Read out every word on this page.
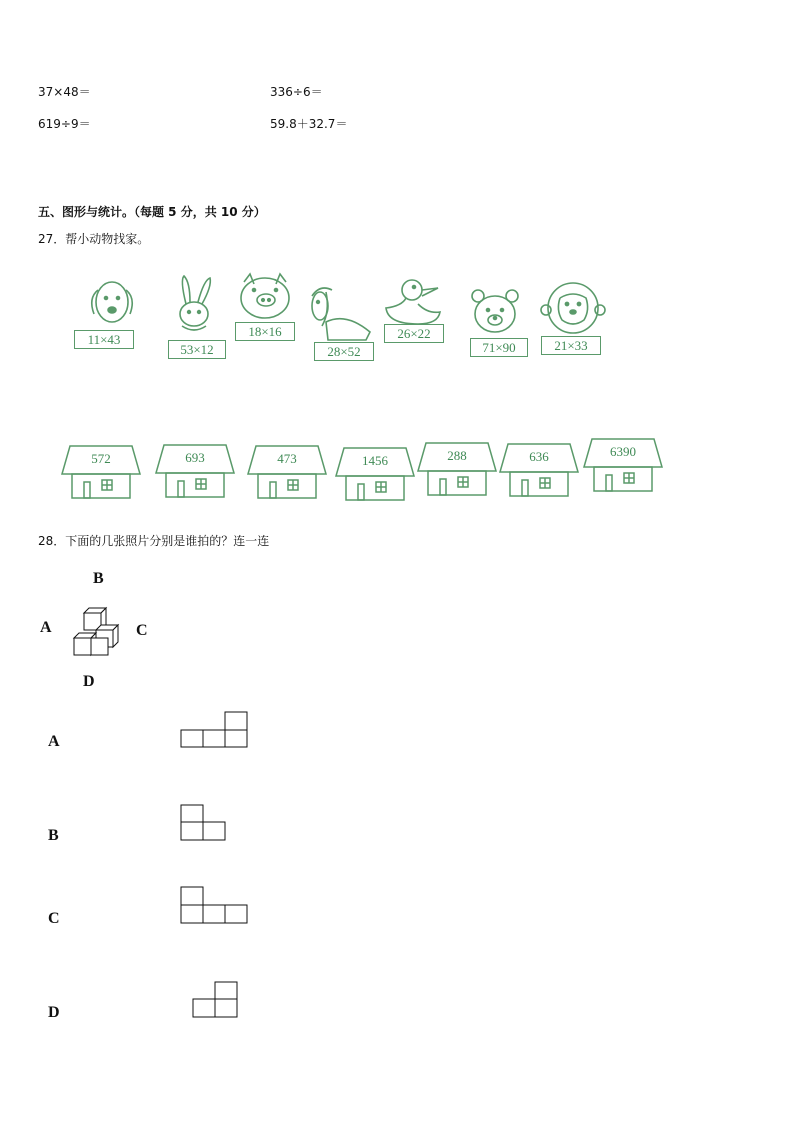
37×48＝	336÷6＝
619÷9＝	59.8＋32.7＝
五、图形与统计。（每题 5 分，共 10 分）
27．帮小动物找家。
11×43
53×12
18×16
28×52
26×22
71×90	21×33
572	693	473	1456	288	636	6390
28．下面的几张照片分别是谁拍的？连一连
B
A	C
D
A
B
C
D
